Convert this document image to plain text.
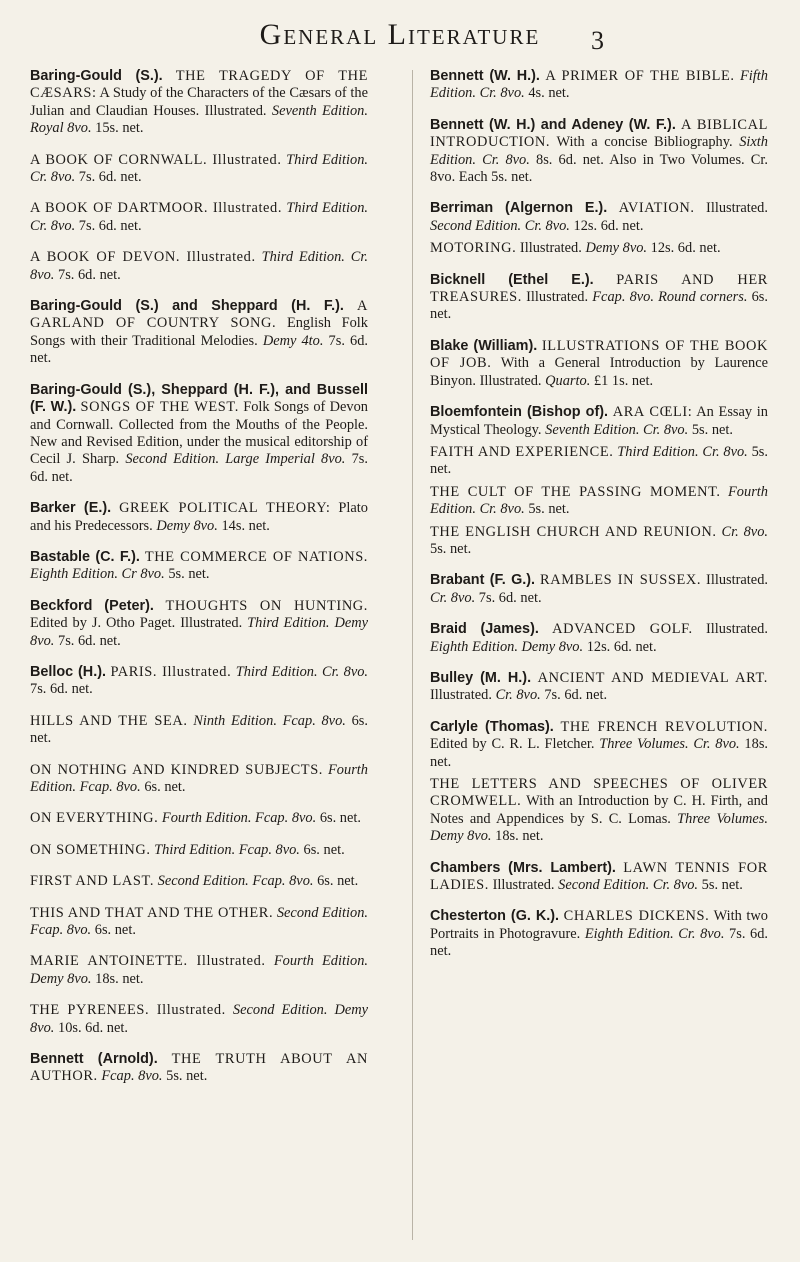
General Literature	3
Baring-Gould (S.). THE TRAGEDY OF THE CÆSARS: A Study of the Characters of the Cæsars of the Julian and Claudian Houses. Illustrated. Seventh Edition. Royal 8vo. 15s. net.
A BOOK OF CORNWALL. Illustrated. Third Edition. Cr. 8vo. 7s. 6d. net.
A BOOK OF DARTMOOR. Illustrated. Third Edition. Cr. 8vo. 7s. 6d. net.
A BOOK OF DEVON. Illustrated. Third Edition. Cr. 8vo. 7s. 6d. net.
Baring-Gould (S.) and Sheppard (H. F.). A GARLAND OF COUNTRY SONG. English Folk Songs with their Traditional Melodies. Demy 4to. 7s. 6d. net.
Baring-Gould (S.), Sheppard (H. F.), and Bussell (F. W.). SONGS OF THE WEST. Folk Songs of Devon and Cornwall. Collected from the Mouths of the People. New and Revised Edition, under the musical editorship of Cecil J. Sharp. Second Edition. Large Imperial 8vo. 7s. 6d. net.
Barker (E.). GREEK POLITICAL THEORY: Plato and his Predecessors. Demy 8vo. 14s. net.
Bastable (C. F.). THE COMMERCE OF NATIONS. Eighth Edition. Cr 8vo. 5s. net.
Beckford (Peter). THOUGHTS ON HUNTING. Edited by J. Otho Paget. Illustrated. Third Edition. Demy 8vo. 7s. 6d. net.
Belloc (H.). PARIS. Illustrated. Third Edition. Cr. 8vo. 7s. 6d. net.
HILLS AND THE SEA. Ninth Edition. Fcap. 8vo. 6s. net.
ON NOTHING AND KINDRED SUBJECTS. Fourth Edition. Fcap. 8vo. 6s. net.
ON EVERYTHING. Fourth Edition. Fcap. 8vo. 6s. net.
ON SOMETHING. Third Edition. Fcap. 8vo. 6s. net.
FIRST AND LAST. Second Edition. Fcap. 8vo. 6s. net.
THIS AND THAT AND THE OTHER. Second Edition. Fcap. 8vo. 6s. net.
MARIE ANTOINETTE. Illustrated. Fourth Edition. Demy 8vo. 18s. net.
THE PYRENEES. Illustrated. Second Edition. Demy 8vo. 10s. 6d. net.
Bennett (Arnold). THE TRUTH ABOUT AN AUTHOR. Fcap. 8vo. 5s. net.
Bennett (W. H.). A PRIMER OF THE BIBLE. Fifth Edition. Cr. 8vo. 4s. net.
Bennett (W. H.) and Adeney (W. F.). A BIBLICAL INTRODUCTION. With a concise Bibliography. Sixth Edition. Cr. 8vo. 8s. 6d. net. Also in Two Volumes. Cr. 8vo. Each 5s. net.
Berriman (Algernon E.). AVIATION. Illustrated. Second Edition. Cr. 8vo. 12s. 6d. net.
MOTORING. Illustrated. Demy 8vo. 12s. 6d. net.
Bicknell (Ethel E.). PARIS AND HER TREASURES. Illustrated. Fcap. 8vo. Round corners. 6s. net.
Blake (William). ILLUSTRATIONS OF THE BOOK OF JOB. With a General Introduction by Laurence Binyon. Illustrated. Quarto. £1 1s. net.
Bloemfontein (Bishop of). ARA CŒLI: An Essay in Mystical Theology. Seventh Edition. Cr. 8vo. 5s. net.
FAITH AND EXPERIENCE. Third Edition. Cr. 8vo. 5s. net.
THE CULT OF THE PASSING MOMENT. Fourth Edition. Cr. 8vo. 5s. net.
THE ENGLISH CHURCH AND REUNION. Cr. 8vo. 5s. net.
Brabant (F. G.). RAMBLES IN SUSSEX. Illustrated. Cr. 8vo. 7s. 6d. net.
Braid (James). ADVANCED GOLF. Illustrated. Eighth Edition. Demy 8vo. 12s. 6d. net.
Bulley (M. H.). ANCIENT AND MEDIEVAL ART. Illustrated. Cr. 8vo. 7s. 6d. net.
Carlyle (Thomas). THE FRENCH REVOLUTION. Edited by C. R. L. Fletcher. Three Volumes. Cr. 8vo. 18s. net.
THE LETTERS AND SPEECHES OF OLIVER CROMWELL. With an Introduction by C. H. Firth, and Notes and Appendices by S. C. Lomas. Three Volumes. Demy 8vo. 18s. net.
Chambers (Mrs. Lambert). LAWN TENNIS FOR LADIES. Illustrated. Second Edition. Cr. 8vo. 5s. net.
Chesterton (G. K.). CHARLES DICKENS. With two Portraits in Photogravure. Eighth Edition. Cr. 8vo. 7s. 6d. net.
